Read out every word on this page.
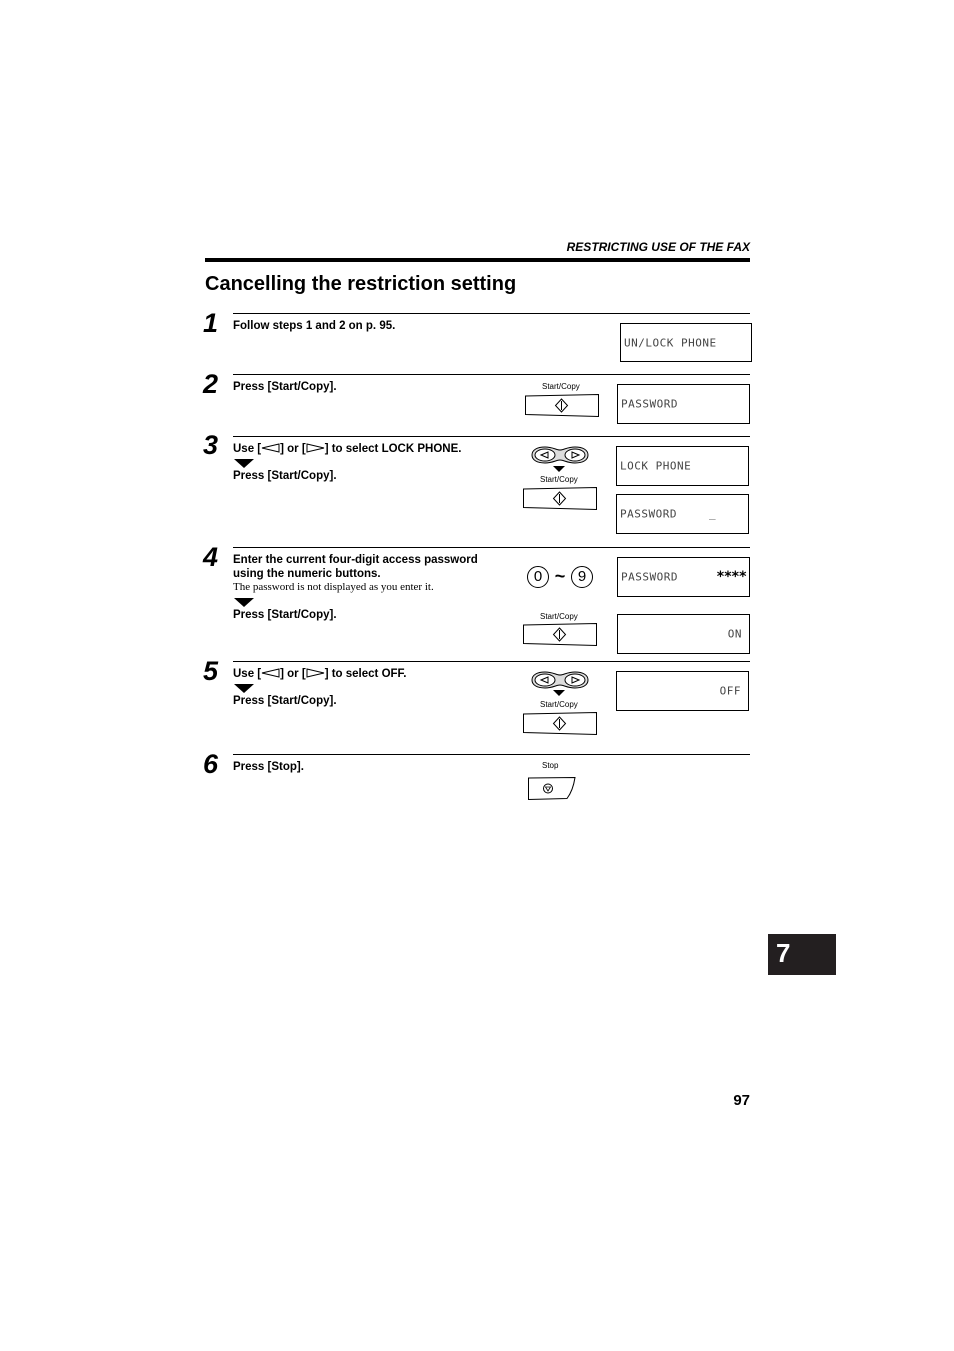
RESTRICTING USE OF THE FAX
Cancelling the restriction setting
1 Follow steps 1 and 2 on p. 95.
UN/LOCK PHONE
2 Press [Start/Copy].	Start/Copy
PASSWORD
3 Use [ ] or [ ] to select LOCK PHONE.
Press [Start/Copy].	Start/Copy
LOCK PHONE
PASSWORD	_
4 Enter the current four-digit access password
using the numeric buttons.
The password is not displayed as you enter it.
Press [Start/Copy].
0 ~ 9
Start/Copy
PASSWORD	****
ON
5 Use [ ] or [ ] to select OFF.
Press [Start/Copy].	Start/Copy
OFF
6 Press [Stop].	Stop
7
97
